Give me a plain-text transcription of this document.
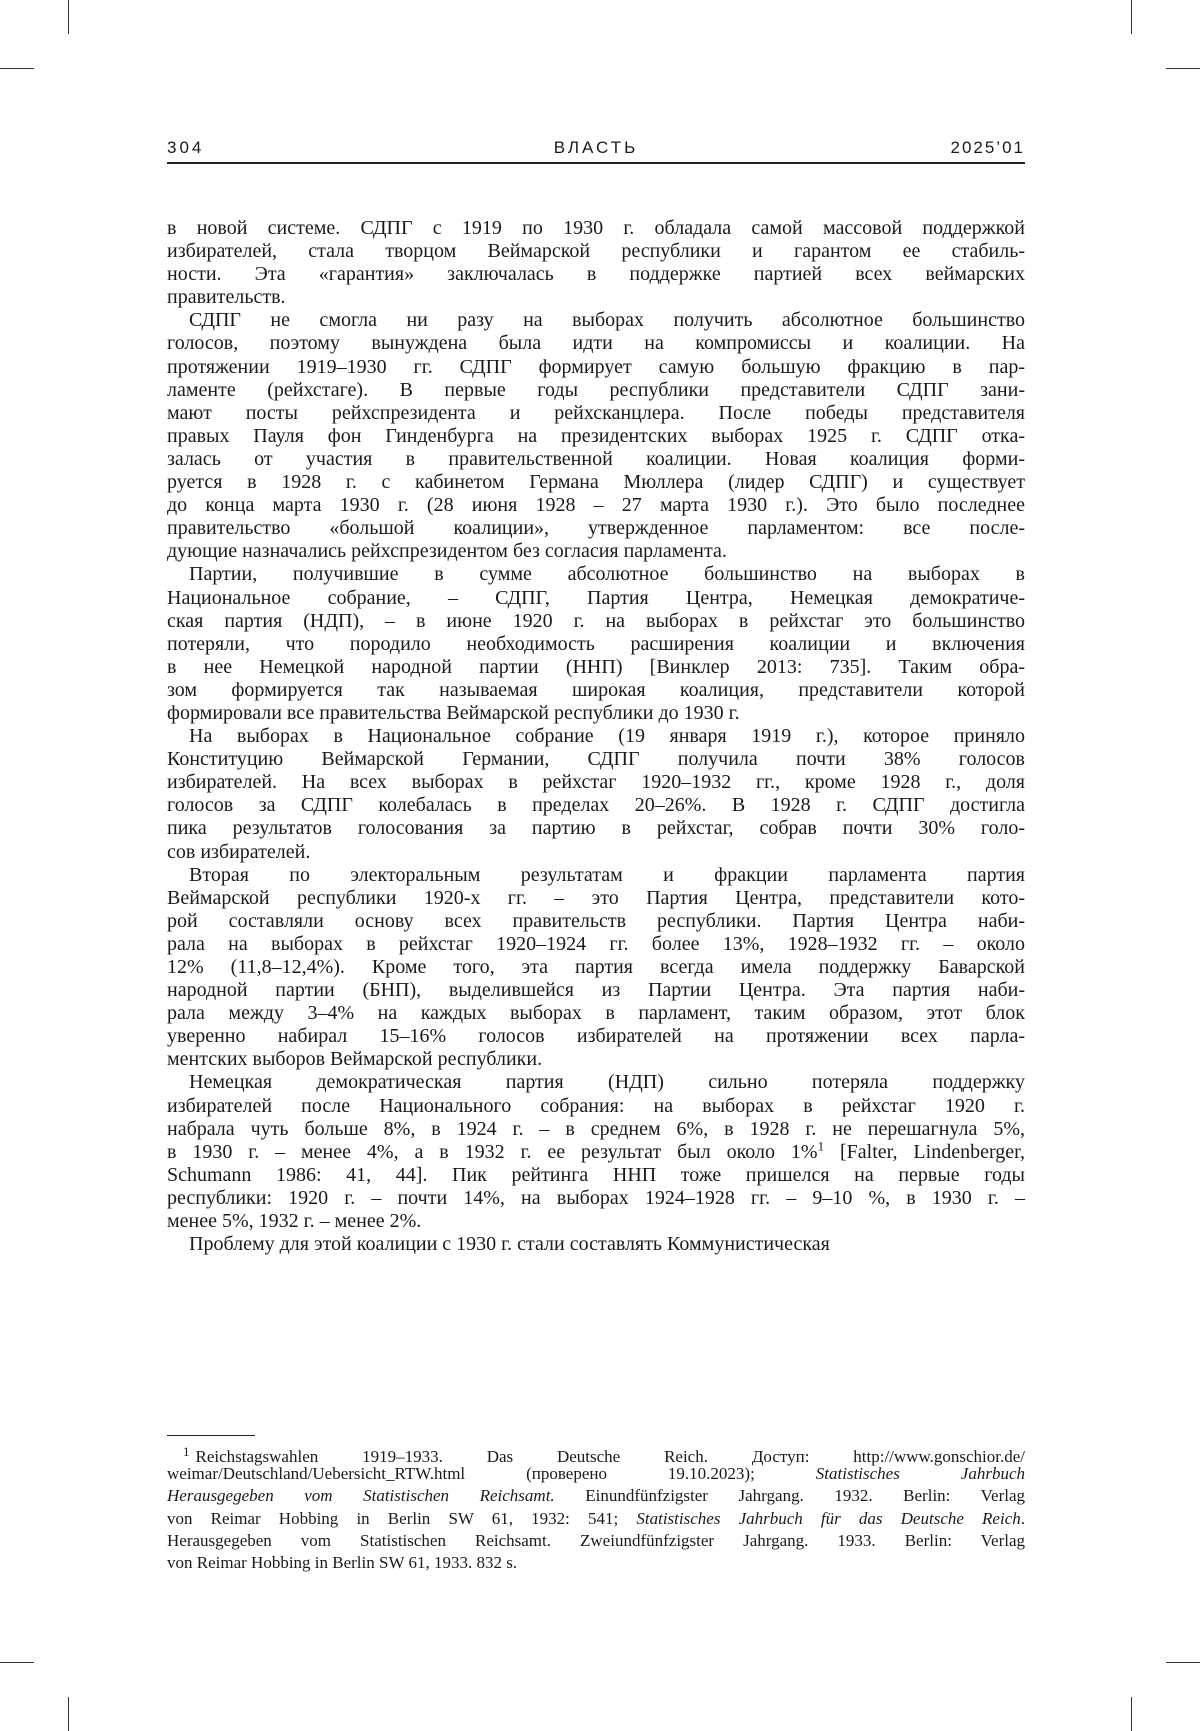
304	ВЛАСТЬ	2025’01
в новой системе. СДПГ с 1919 по 1930 г. обладала самой массовой поддержкой
избирателей, стала творцом Веймарской республики и гарантом ее стабиль-
ности. Эта «гарантия» заключалась в поддержке партией всех веймарских
правительств.
СДПГ не смогла ни разу на выборах получить абсолютное большинство
голосов, поэтому вынуждена была идти на компромиссы и коалиции. На
протяжении 1919–1930 гг. СДПГ формирует самую большую фракцию в пар-
ламенте (рейхстаге). В первые годы республики представители СДПГ зани-
мают посты рейхспрезидента и рейхсканцлера. После победы представителя
правых Пауля фон Гинденбурга на президентских выборах 1925 г. СДПГ отка-
залась от участия в правительственной коалиции. Новая коалиция форми-
руется в 1928 г. с кабинетом Германа Мюллера (лидер СДПГ) и существует
до конца марта 1930 г. (28 июня 1928 – 27 марта 1930 г.). Это было последнее
правительство «большой коалиции», утвержденное парламентом: все после-
дующие назначались рейхспрезидентом без согласия парламента.
Партии, получившие в сумме абсолютное большинство на выборах в
Национальное собрание, – СДПГ, Партия Центра, Немецкая демократиче-
ская партия (НДП), – в июне 1920 г. на выборах в рейхстаг это большинство
потеряли, что породило необходимость расширения коалиции и включения
в нее Немецкой народной партии (ННП) [Винклер 2013: 735]. Таким обра-
зом формируется так называемая широкая коалиция, представители которой
формировали все правительства Веймарской республики до 1930 г.
На выборах в Национальное собрание (19 января 1919 г.), которое приняло
Конституцию Веймарской Германии, СДПГ получила почти 38% голосов
избирателей. На всех выборах в рейхстаг 1920–1932 гг., кроме 1928 г., доля
голосов за СДПГ колебалась в пределах 20–26%. В 1928 г. СДПГ достигла
пика результатов голосования за партию в рейхстаг, собрав почти 30% голо-
сов избирателей.
Вторая по электоральным результатам и фракции парламента партия
Веймарской республики 1920-х гг. – это Партия Центра, представители кото-
рой составляли основу всех правительств республики. Партия Центра наби-
рала на выборах в рейхстаг 1920–1924 гг. более 13%, 1928–1932 гг. – около
12% (11,8–12,4%). Кроме того, эта партия всегда имела поддержку Баварской
народной партии (БНП), выделившейся из Партии Центра. Эта партия наби-
рала между 3–4% на каждых выборах в парламент, таким образом, этот блок
уверенно набирал 15–16% голосов избирателей на протяжении всех парла-
ментских выборов Веймарской республики.
Немецкая демократическая партия (НДП) сильно потеряла поддержку
избирателей после Национального собрания: на выборах в рейхстаг 1920 г.
набрала чуть больше 8%, в 1924 г. – в среднем 6%, в 1928 г. не перешагнула 5%,
в 1930 г. – менее 4%, а в 1932 г. ее результат был около 1%$^1$ [Falter, Lindenberger,
Schumann 1986: 41, 44]. Пик рейтинга ННП тоже пришелся на первые годы
республики: 1920 г. – почти 14%, на выборах 1924–1928 гг. – 9–10 %, в 1930 г. –
менее 5%, 1932 г. – менее 2%.
Проблему для этой коалиции с 1930 г. стали составлять Коммунистическая
$^1$ Reichstagswahlen 1919–1933. Das Deutsche Reich. Доступ: http://www.gonschior.de/
weimar/Deutschland/Uebersicht_RTW.html (проверено 19.10.2023); Statistisches Jahrbuch
Herausgegeben vom Statistischen Reichsamt. Einundfünfzigster Jahrgang. 1932. Berlin: Verlag
von Reimar Hobbing in Berlin SW 61, 1932: 541; Statistisches Jahrbuch für das Deutsche Reich.
Herausgegeben vom Statistischen Reichsamt. Zweiundfünfzigster Jahrgang. 1933. Berlin: Verlag
von Reimar Hobbing in Berlin SW 61, 1933. 832 s.
